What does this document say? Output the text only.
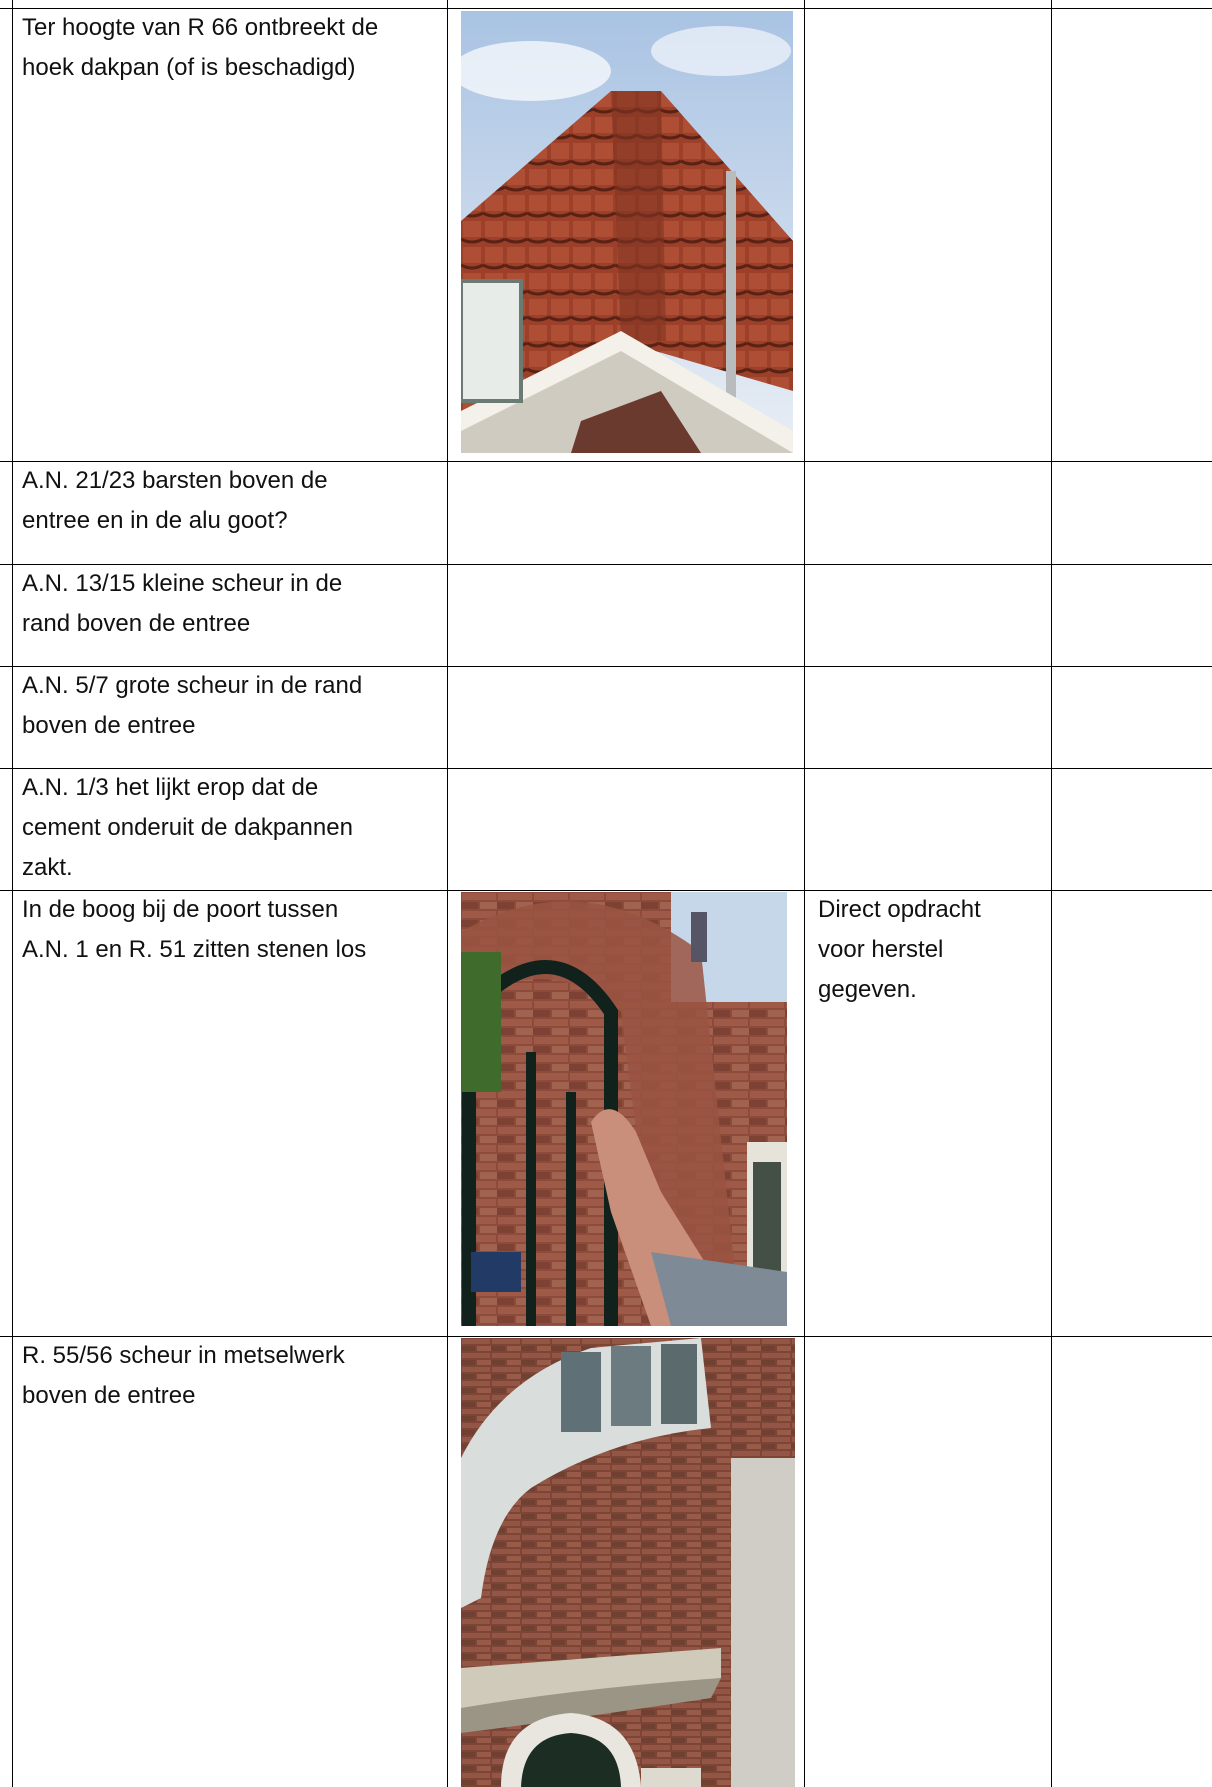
Ter hoogte van R 66 ontbreekt de
hoek dakpan (of is beschadigd)
A.N. 21/23 barsten boven de
entree en in de alu goot?
A.N. 13/15 kleine scheur in de
rand boven de entree
A.N. 5/7 grote scheur in de rand
boven de entree
A.N. 1/3 het lijkt erop dat de
cement onderuit de dakpannen
zakt.
In de boog bij de poort tussen
A.N. 1 en R. 51 zitten stenen los
Direct opdracht
voor herstel
gegeven.
R. 55/56 scheur in metselwerk
boven de entree
